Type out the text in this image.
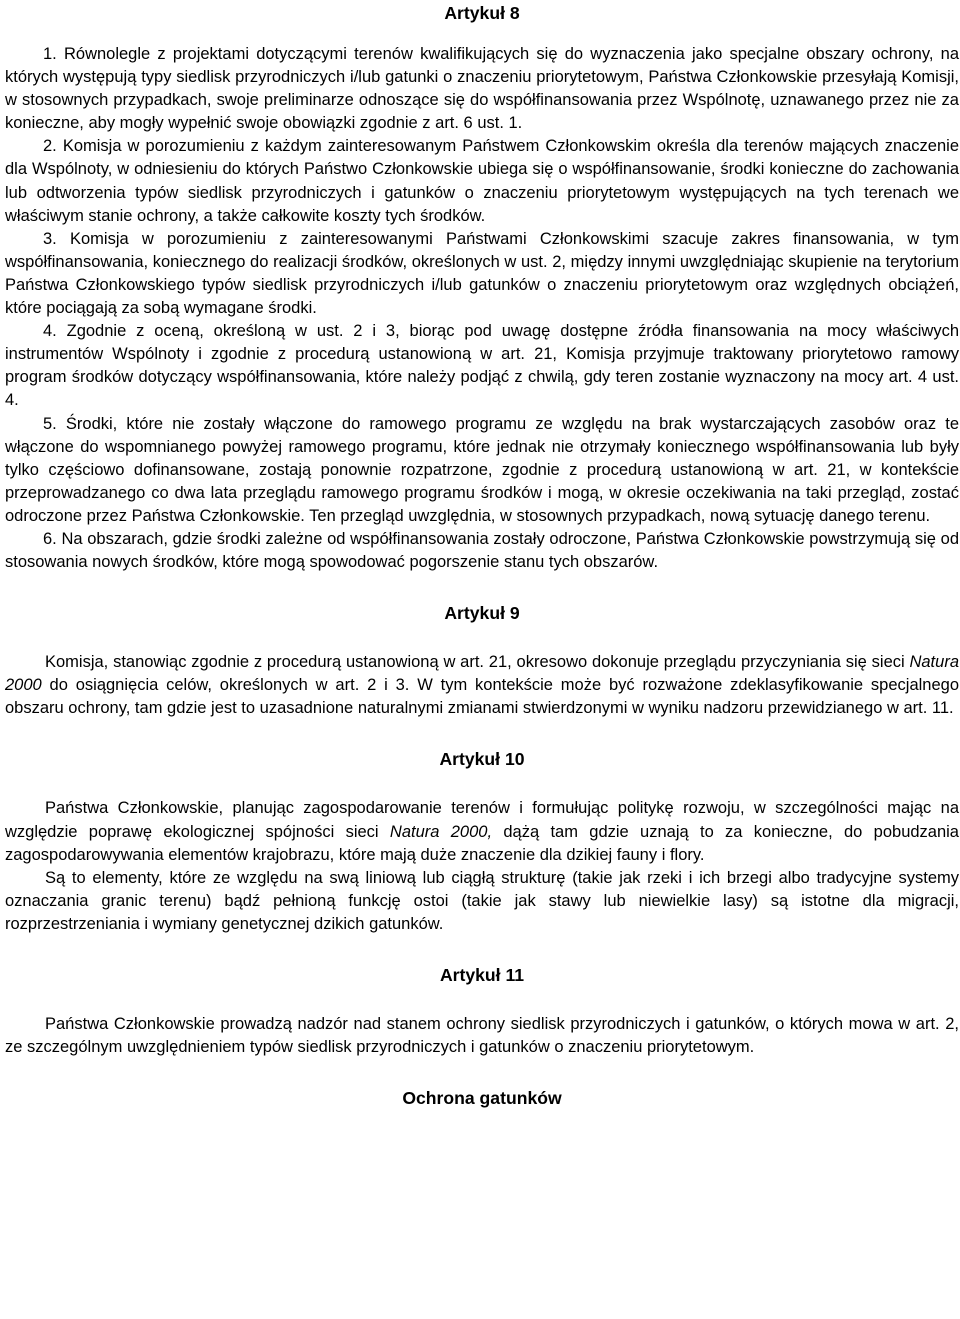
Artykuł 8

1. Równolegle z projektami dotyczącymi terenów kwalifikujących się do wyznaczenia jako specjalne obszary ochrony, na których występują typy siedlisk przyrodniczych i/lub gatunki o znaczeniu priorytetowym, Państwa Członkowskie przesyłają Komisji, w stosownych przypadkach, swoje preliminarze odnoszące się do współfinansowania przez Wspólnotę, uznawanego przez nie za konieczne, aby mogły wypełnić swoje obowiązki zgodnie z art. 6 ust. 1.

2. Komisja w porozumieniu z każdym zainteresowanym Państwem Członkowskim określa dla terenów mających znaczenie dla Wspólnoty, w odniesieniu do których Państwo Członkowskie ubiega się o współfinansowanie, środki konieczne do zachowania lub odtworzenia typów siedlisk przyrodniczych i gatunków o znaczeniu priorytetowym występujących na tych terenach we właściwym stanie ochrony, a także całkowite koszty tych środków.

3. Komisja w porozumieniu z zainteresowanymi Państwami Członkowskimi szacuje zakres finansowania, w tym współfinansowania, koniecznego do realizacji środków, określonych w ust. 2, między innymi uwzględniając skupienie na terytorium Państwa Członkowskiego typów siedlisk przyrodniczych i/lub gatunków o znaczeniu priorytetowym oraz względnych obciążeń, które pociągają za sobą wymagane środki.

4. Zgodnie z oceną, określoną w ust. 2 i 3, biorąc pod uwagę dostępne źródła finansowania na mocy właściwych instrumentów Wspólnoty i zgodnie z procedurą ustanowioną w art. 21, Komisja przyjmuje traktowany priorytetowo ramowy program środków dotyczący współfinansowania, które należy podjąć z chwilą, gdy teren zostanie wyznaczony na mocy art. 4 ust. 4.

5. Środki, które nie zostały włączone do ramowego programu ze względu na brak wystarczających zasobów oraz te włączone do wspomnianego powyżej ramowego programu, które jednak nie otrzymały koniecznego współfinansowania lub były tylko częściowo dofinansowane, zostają ponownie rozpatrzone, zgodnie z procedurą ustanowioną w art. 21, w kontekście przeprowadzanego co dwa lata przeglądu ramowego programu środków i mogą, w okresie oczekiwania na taki przegląd, zostać odroczone przez Państwa Członkowskie. Ten przegląd uwzględnia, w stosownych przypadkach, nową sytuację danego terenu.

6. Na obszarach, gdzie środki zależne od współfinansowania zostały odroczone, Państwa Członkowskie powstrzymują się od stosowania nowych środków, które mogą spowodować pogorszenie stanu tych obszarów.

Artykuł 9

Komisja, stanowiąc zgodnie z procedurą ustanowioną w art. 21, okresowo dokonuje przeglądu przyczyniania się sieci Natura 2000 do osiągnięcia celów, określonych w art. 2 i 3. W tym kontekście może być rozważone zdeklasyfikowanie specjalnego obszaru ochrony, tam gdzie jest to uzasadnione naturalnymi zmianami stwierdzonymi w wyniku nadzoru przewidzianego w art. 11.

Artykuł 10

Państwa Członkowskie, planując zagospodarowanie terenów i formułując politykę rozwoju, w szczególności mając na względzie poprawę ekologicznej spójności sieci Natura 2000, dążą tam gdzie uznają to za konieczne, do pobudzania zagospodarowywania elementów krajobrazu, które mają duże znaczenie dla dzikiej fauny i flory.

Są to elementy, które ze względu na swą liniową lub ciągłą strukturę (takie jak rzeki i ich brzegi albo tradycyjne systemy oznaczania granic terenu) bądź pełnioną funkcję ostoi (takie jak stawy lub niewielkie lasy) są istotne dla migracji, rozprzestrzeniania i wymiany genetycznej dzikich gatunków.

Artykuł 11

Państwa Członkowskie prowadzą nadzór nad stanem ochrony siedlisk przyrodniczych i gatunków, o których mowa w art. 2, ze szczególnym uwzględnieniem typów siedlisk przyrodniczych i gatunków o znaczeniu priorytetowym.

Ochrona gatunków
